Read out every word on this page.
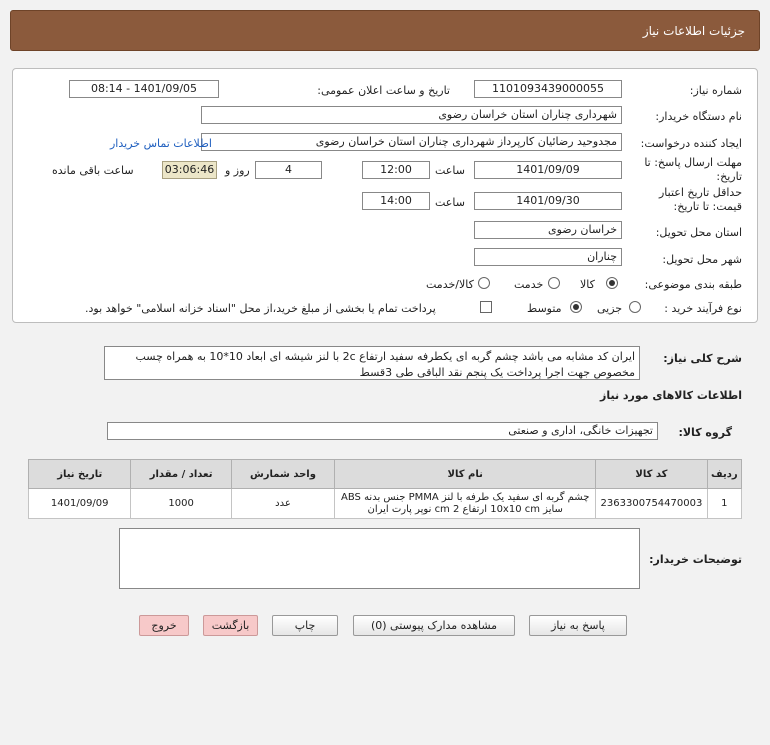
جزئیات اطلاعات نیاز
شماره نیاز:
1101093439000055
تاریخ و ساعت اعلان عمومی:
1401/09/05 - 08:14
نام دستگاه خریدار:
شهرداری چناران استان خراسان رضوی
ایجاد کننده درخواست:
مجدوحید رضائیان کارپرداز شهرداری چناران استان خراسان رضوی
اطلاعات تماس خریدار
مهلت ارسال پاسخ: تا
تاریخ:
1401/09/09
ساعت
12:00
4
روز و
03:06:46
ساعت باقی مانده
حداقل تاریخ اعتبار
قیمت: تا تاریخ:
1401/09/30
ساعت
14:00
استان محل تحویل:
خراسان رضوی
شهر محل تحویل:
چناران
طبقه بندی موضوعی:
کالا
خدمت
کالا/خدمت
نوع فرآیند خرید :
جزیی
متوسط
پرداخت تمام یا بخشی از مبلغ خرید،از محل "اسناد خزانه اسلامی" خواهد بود.
شرح کلی نیاز:
ایران کد مشابه می باشد چشم گربه ای یکطرفه سفید ارتفاع 2c با لنز شیشه ای ابعاد 10*10 به همراه چسب مخصوص جهت اجرا پرداخت یک پنجم نقد الباقی طی 3قسط
اطلاعات کالاهای مورد نیاز
گروه کالا:
تجهیزات خانگی، اداری و صنعتی
ردیف	کد کالا	نام کالا	واحد شمارش	تعداد / مقدار	تاریخ نیاز
1	2363300754470003	چشم گربه ای سفید یک طرفه با لنز PMMA جنس بدنه ABS
سایز 10x10 cm ارتفاع 2 cm نوپر پارت ایران	عدد	1000	1401/09/09
توضیحات خریدار:
پاسخ به نیاز
مشاهده مدارک پیوستی (0)
چاپ
بازگشت
خروج
